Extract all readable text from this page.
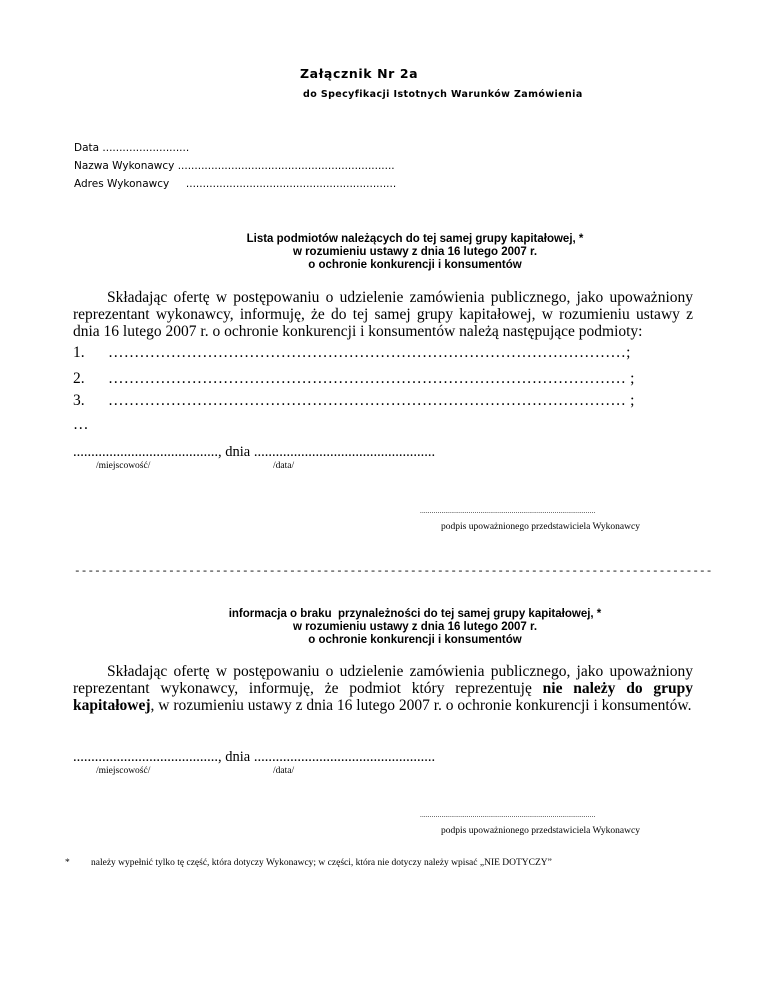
Załącznik Nr 2a
do Specyfikacji Istotnych Warunków Zamówienia
Data ..........................
Nazwa Wykonawcy .................................................................
Adres Wykonawcy     ...............................................................
Lista podmiotów należących do tej samej grupy kapitałowej, *
w rozumieniu ustawy z dnia 16 lutego 2007 r.
o ochronie konkurencji i konsumentów
Składając ofertę w postępowaniu o udzielenie zamówienia publicznego, jako upoważniony reprezentant wykonawcy, informuję, że do tej samej grupy kapitałowej, w rozumieniu ustawy z dnia 16 lutego 2007 r. o ochronie konkurencji i konsumentów należą następujące podmioty:
1. ………………………………………………………………………………………;
2. ……………………………………………………………………………………… ;
3. ……………………………………………………………………………………… ;
…
........................................, dnia ..................................................
/miejscowość/	/data/
..........................................................................................
podpis upoważnionego przedstawiciela Wykonawcy
-----------------------------------------------------------------------------------------------
informacja o braku  przynależności do tej samej grupy kapitałowej, *
w rozumieniu ustawy z dnia 16 lutego 2007 r.
o ochronie konkurencji i konsumentów
Składając ofertę w postępowaniu o udzielenie zamówienia publicznego, jako upoważniony reprezentant wykonawcy, informuję, że podmiot który reprezentuję nie należy do grupy kapitałowej, w rozumieniu ustawy z dnia 16 lutego 2007 r. o ochronie konkurencji i konsumentów.
........................................, dnia ..................................................
/miejscowość/	/data/
..........................................................................................
podpis upoważnionego przedstawiciela Wykonawcy
* należy wypełnić tylko tę część, która dotyczy Wykonawcy; w części, która nie dotyczy należy wpisać „NIE DOTYCZY”
